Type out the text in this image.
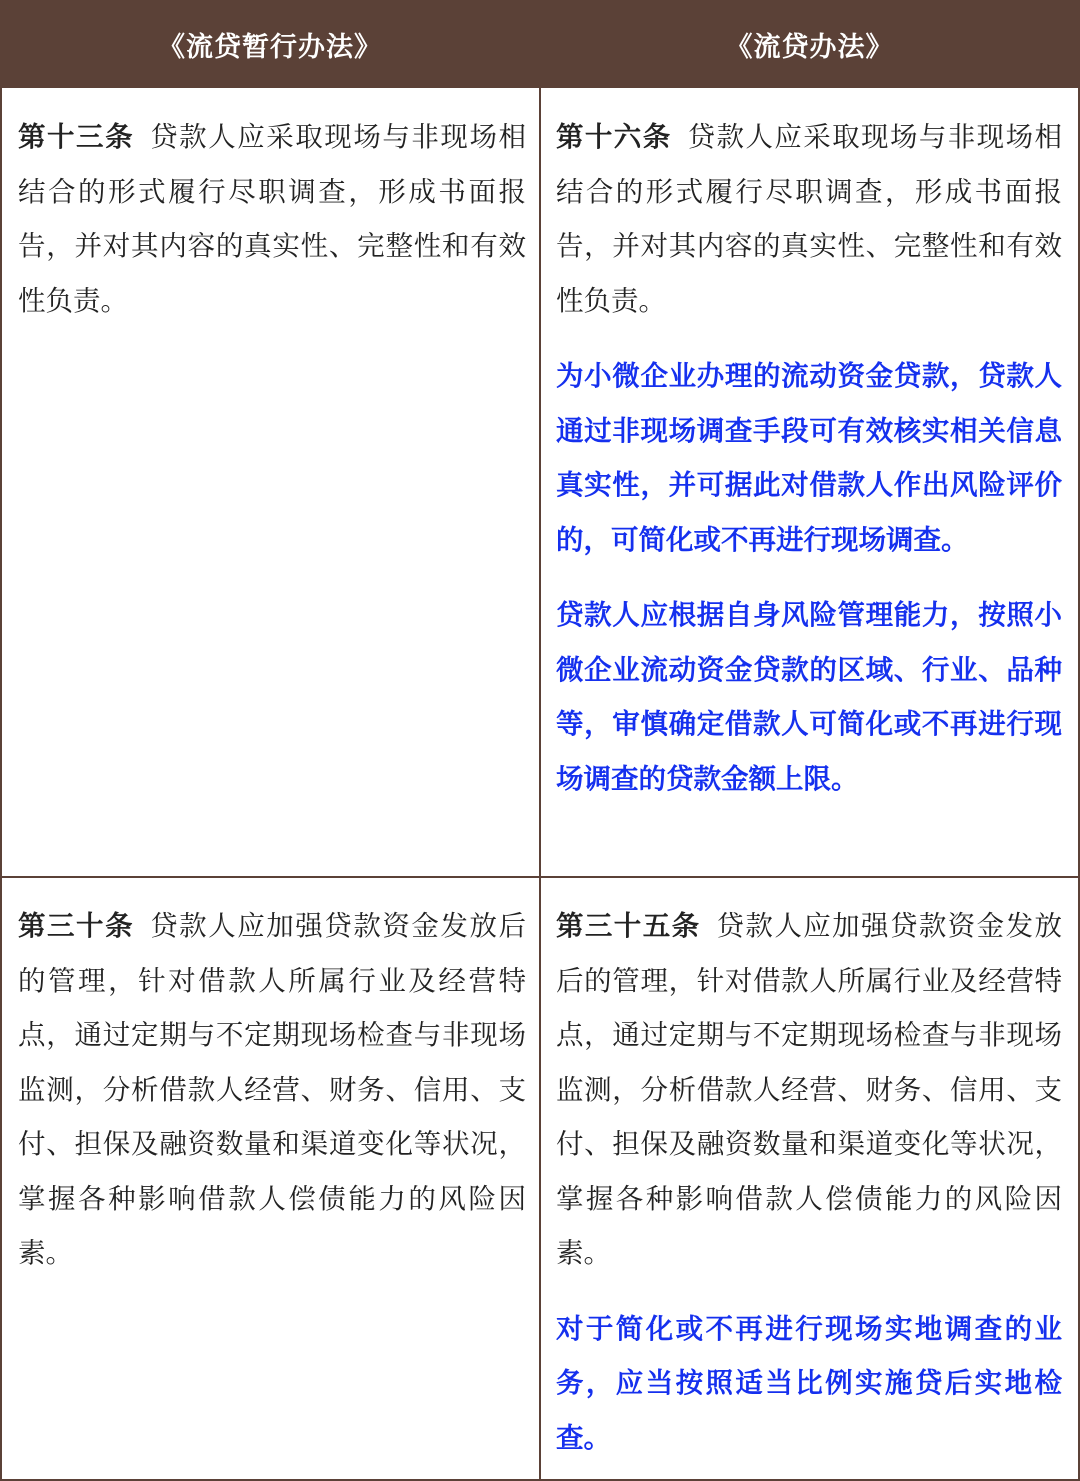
《流贷暂行办法》	《流贷办法》

第十三条 贷款人应采取现场与非现场相结合的形式履行尽职调查，形成书面报告，并对其内容的真实性、完整性和有效性负责。

第十六条 贷款人应采取现场与非现场相结合的形式履行尽职调查，形成书面报告，并对其内容的真实性、完整性和有效性负责。

为小微企业办理的流动资金贷款，贷款人通过非现场调查手段可有效核实相关信息真实性，并可据此对借款人作出风险评价的，可简化或不再进行现场调查。

贷款人应根据自身风险管理能力，按照小微企业流动资金贷款的区域、行业、品种等，审慎确定借款人可简化或不再进行现场调查的贷款金额上限。

第三十条 贷款人应加强贷款资金发放后的管理，针对借款人所属行业及经营特点，通过定期与不定期现场检查与非现场监测，分析借款人经营、财务、信用、支付、担保及融资数量和渠道变化等状况，掌握各种影响借款人偿债能力的风险因素。

第三十五条 贷款人应加强贷款资金发放后的管理，针对借款人所属行业及经营特点，通过定期与不定期现场检查与非现场监测，分析借款人经营、财务、信用、支付、担保及融资数量和渠道变化等状况，掌握各种影响借款人偿债能力的风险因素。

对于简化或不再进行现场实地调查的业务，应当按照适当比例实施贷后实地检查。
